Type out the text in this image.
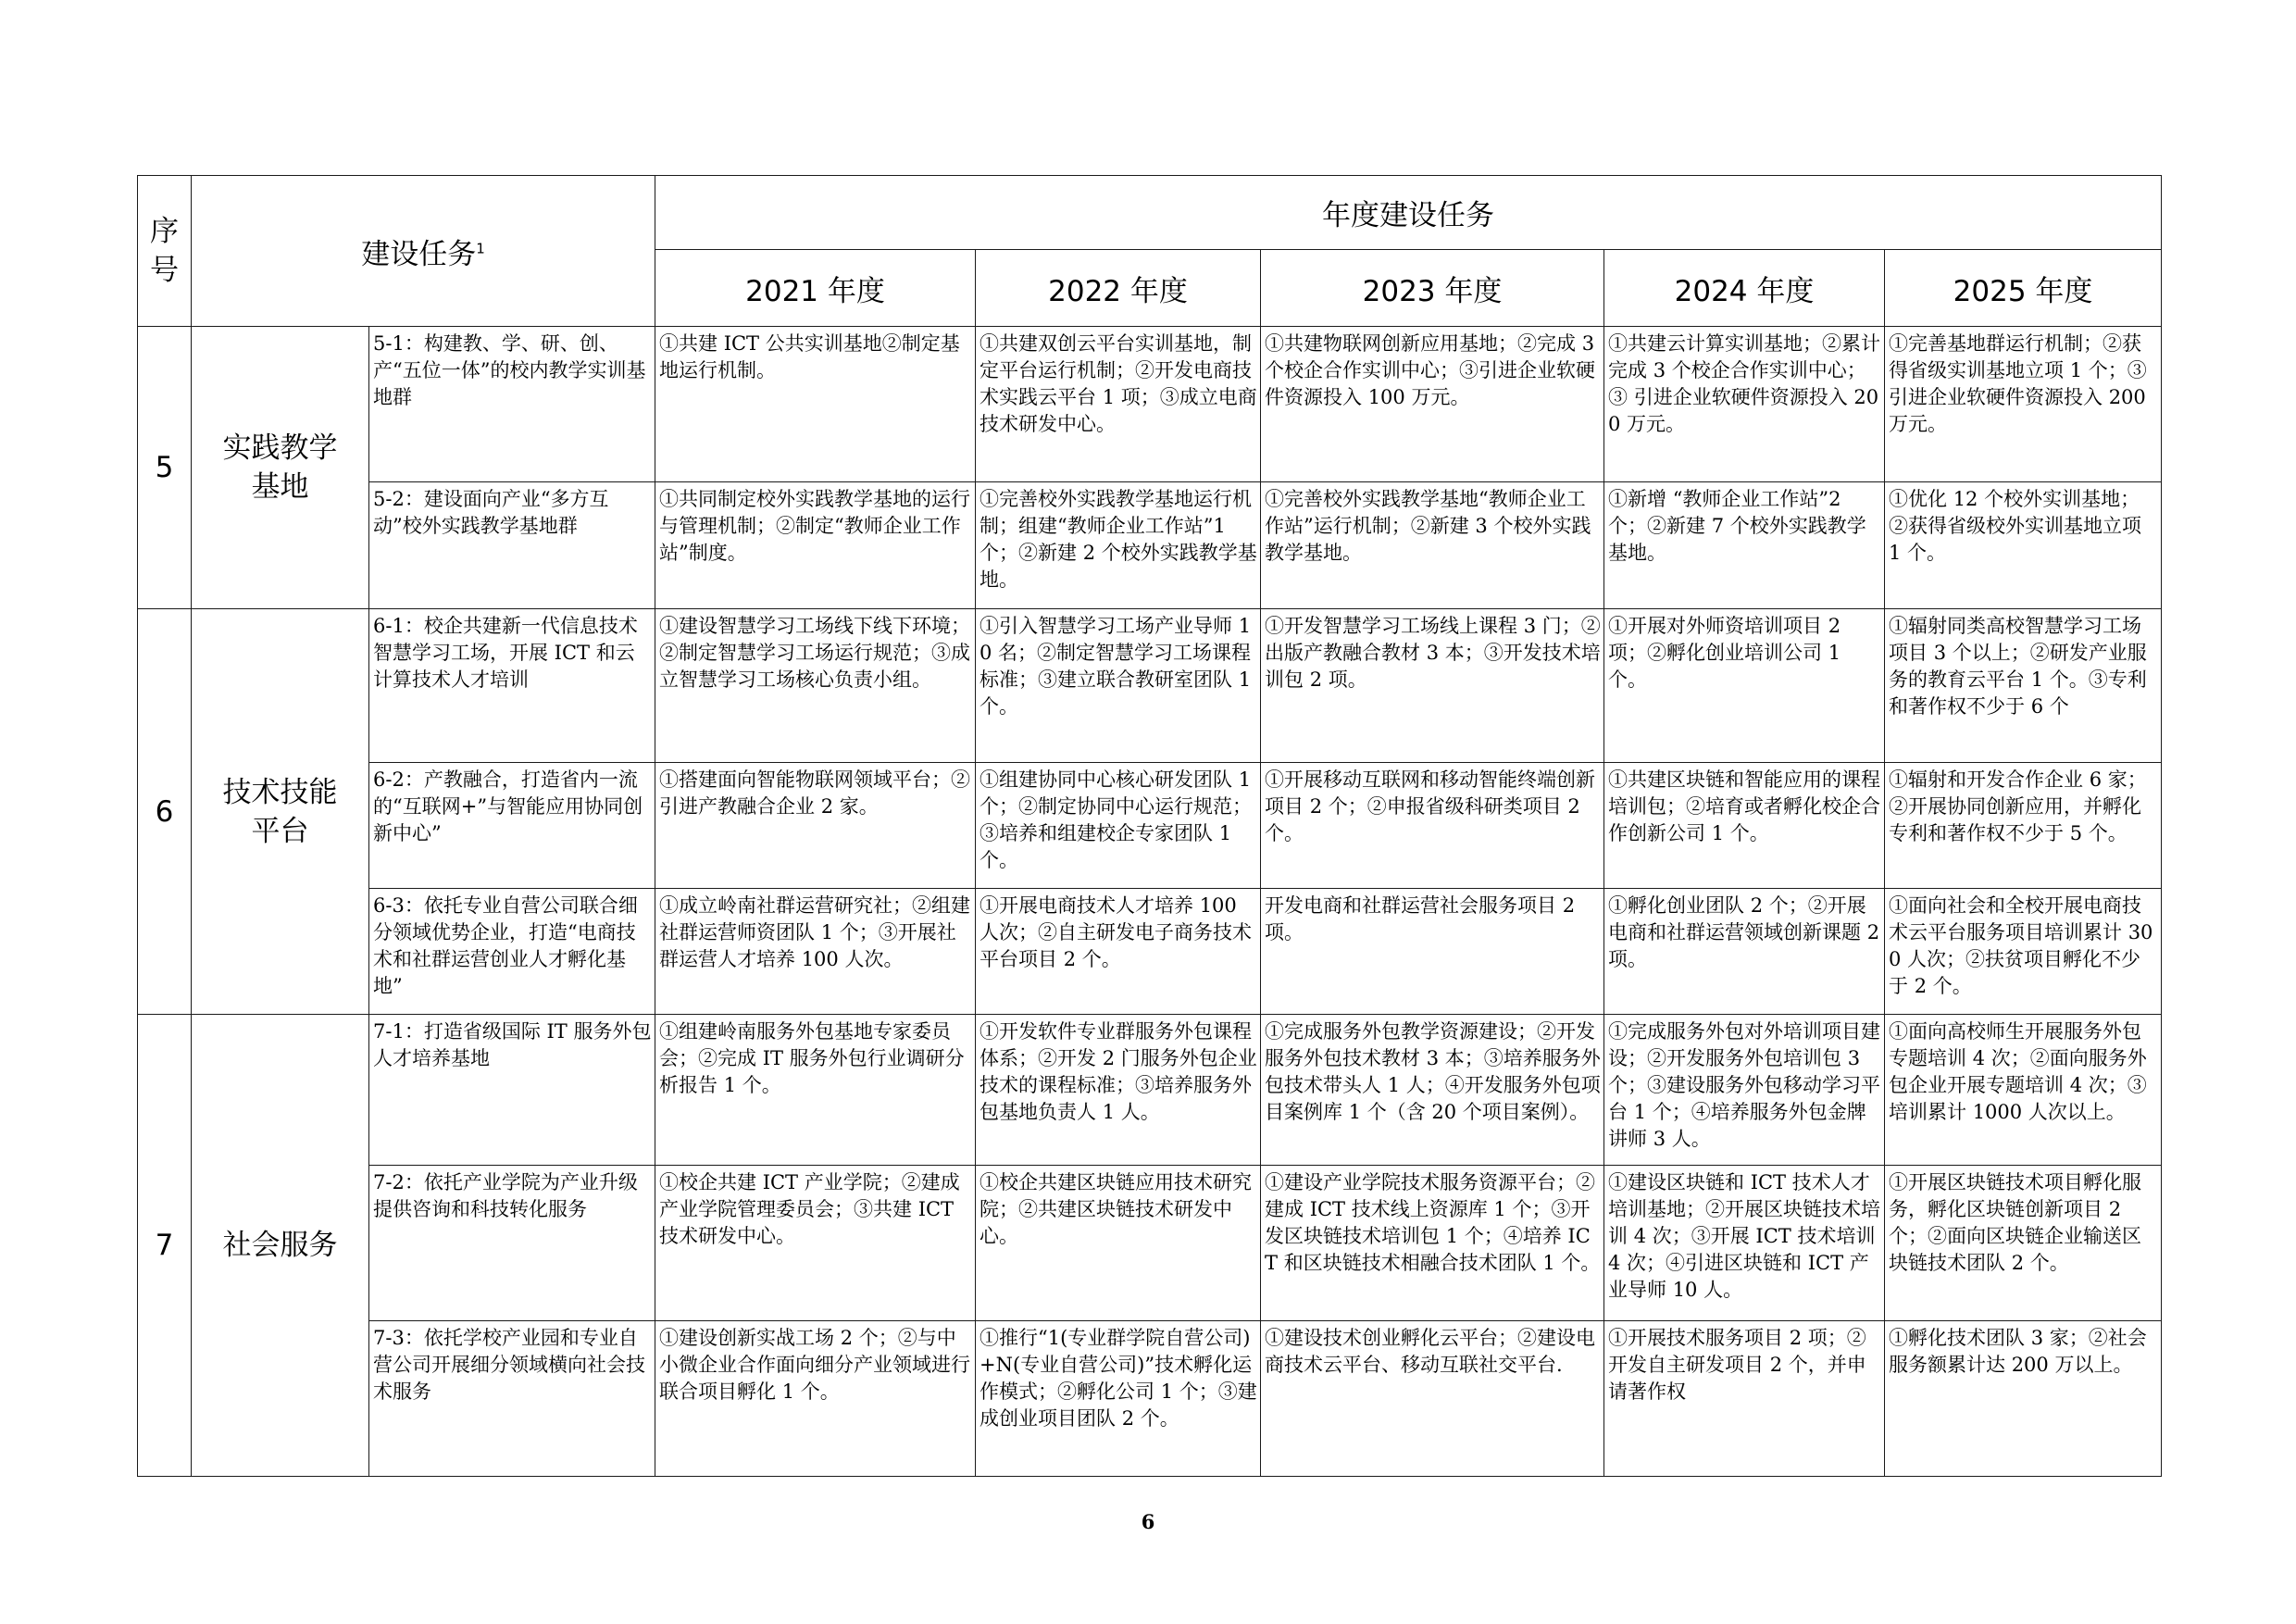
序号	建设任务$^1$		年度建设任务				
			2021 年度	2022 年度	2023 年度	2024 年度	2025 年度
5	实践教学基地	5-1：构建教、学、研、创、产“五位一体”的校内教学实训基地群	①共建 ICT 公共实训基地②制定基地运行机制。	①共建双创云平台实训基地，制定平台运行机制；②开发电商技术实践云平台 1 项；③成立电商技术研发中心。	①共建物联网创新应用基地；②完成 3 个校企合作实训中心；③引进企业软硬件资源投入 100 万元。	①共建云计算实训基地；②累计完成 3 个校企合作实训中心；③ 引进企业软硬件资源投入 200 万元。	①完善基地群运行机制；②获得省级实训基地立项 1 个；③引进企业软硬件资源投入 200 万元。
		5-2：建设面向产业“多方互动”校外实践教学基地群	①共同制定校外实践教学基地的运行与管理机制；②制定“教师企业工作站”制度。	①完善校外实践教学基地运行机制；组建“教师企业工作站”1 个；②新建 2 个校外实践教学基地。	①完善校外实践教学基地“教师企业工作站”运行机制；②新建 3 个校外实践教学基地。	①新增 “教师企业工作站”2 个；②新建 7 个校外实践教学基地。	①优化 12 个校外实训基地；②获得省级校外实训基地立项 1 个。
6	技术技能平台	6-1：校企共建新一代信息技术智慧学习工场，开展 ICT 和云计算技术人才培训	①建设智慧学习工场线下线下环境；②制定智慧学习工场运行规范；③成立智慧学习工场核心负责小组。	①引入智慧学习工场产业导师 10 名；②制定智慧学习工场课程标准；③建立联合教研室团队 1 个。	①开发智慧学习工场线上课程 3 门；②出版产教融合教材 3 本；③开发技术培训包 2 项。	①开展对外师资培训项目 2 项；②孵化创业培训公司 1 个。	①辐射同类高校智慧学习工场项目 3 个以上；②研发产业服务的教育云平台 1 个。③专利和著作权不少于 6 个
		6-2：产教融合，打造省内一流的“互联网+”与智能应用协同创新中心”	①搭建面向智能物联网领域平台；②引进产教融合企业 2 家。	①组建协同中心核心研发团队 1 个；②制定协同中心运行规范；③培养和组建校企专家团队 1 个。	①开展移动互联网和移动智能终端创新项目 2 个；②申报省级科研类项目 2 个。	①共建区块链和智能应用的课程培训包；②培育或者孵化校企合作创新公司 1 个。	①辐射和开发合作企业 6 家；②开展协同创新应用，并孵化专利和著作权不少于 5 个。
		6-3：依托专业自营公司联合细分领域优势企业，打造“电商技术和社群运营创业人才孵化基地”	①成立岭南社群运营研究社；②组建社群运营师资团队 1 个；③开展社群运营人才培养 100 人次。	①开展电商技术人才培养 100 人次；②自主研发电子商务技术平台项目 2 个。	开发电商和社群运营社会服务项目 2 项。	①孵化创业团队 2 个；②开展电商和社群运营领域创新课题 2 项。	①面向社会和全校开展电商技术云平台服务项目培训累计 300 人次；②扶贫项目孵化不少于 2 个。
7	社会服务	7-1：打造省级国际 IT 服务外包人才培养基地	①组建岭南服务外包基地专家委员会；②完成 IT 服务外包行业调研分析报告 1 个。	①开发软件专业群服务外包课程体系；②开发 2 门服务外包企业技术的课程标准；③培养服务外包基地负责人 1 人。	①完成服务外包教学资源建设；②开发服务外包技术教材 3 本；③培养服务外包技术带头人 1 人；④开发服务外包项目案例库 1 个（含 20 个项目案例）。	①完成服务外包对外培训项目建设；②开发服务外包培训包 3 个；③建设服务外包移动学习平台 1 个；④培养服务外包金牌讲师 3 人。	①面向高校师生开展服务外包专题培训 4 次；②面向服务外包企业开展专题培训 4 次；③培训累计 1000 人次以上。
		7-2：依托产业学院为产业升级提供咨询和科技转化服务	①校企共建 ICT 产业学院；②建成产业学院管理委员会；③共建 ICT 技术研发中心。	①校企共建区块链应用技术研究院；②共建区块链技术研发中心。	①建设产业学院技术服务资源平台；②建成 ICT 技术线上资源库 1 个；③开发区块链技术培训包 1 个；④培养 ICT 和区块链技术相融合技术团队 1 个。	①建设区块链和 ICT 技术人才培训基地；②开展区块链技术培训 4 次；③开展 ICT 技术培训 4 次；④引进区块链和 ICT 产业导师 10 人。	①开展区块链技术项目孵化服务，孵化区块链创新项目 2 个；②面向区块链企业输送区块链技术团队 2 个。
		7-3：依托学校产业园和专业自营公司开展细分领域横向社会技术服务	①建设创新实战工场 2 个；②与中小微企业合作面向细分产业领域进行联合项目孵化 1 个。	①推行“1(专业群学院自营公司)+N(专业自营公司)”技术孵化运作模式；②孵化公司 1 个；③建成创业项目团队 2 个。	①建设技术创业孵化云平台；②建设电商技术云平台、移动互联社交平台.	①开展技术服务项目 2 项；②开发自主研发项目 2 个，并申请著作权	①孵化技术团队 3 家；②社会服务额累计达 200 万以上。
6
